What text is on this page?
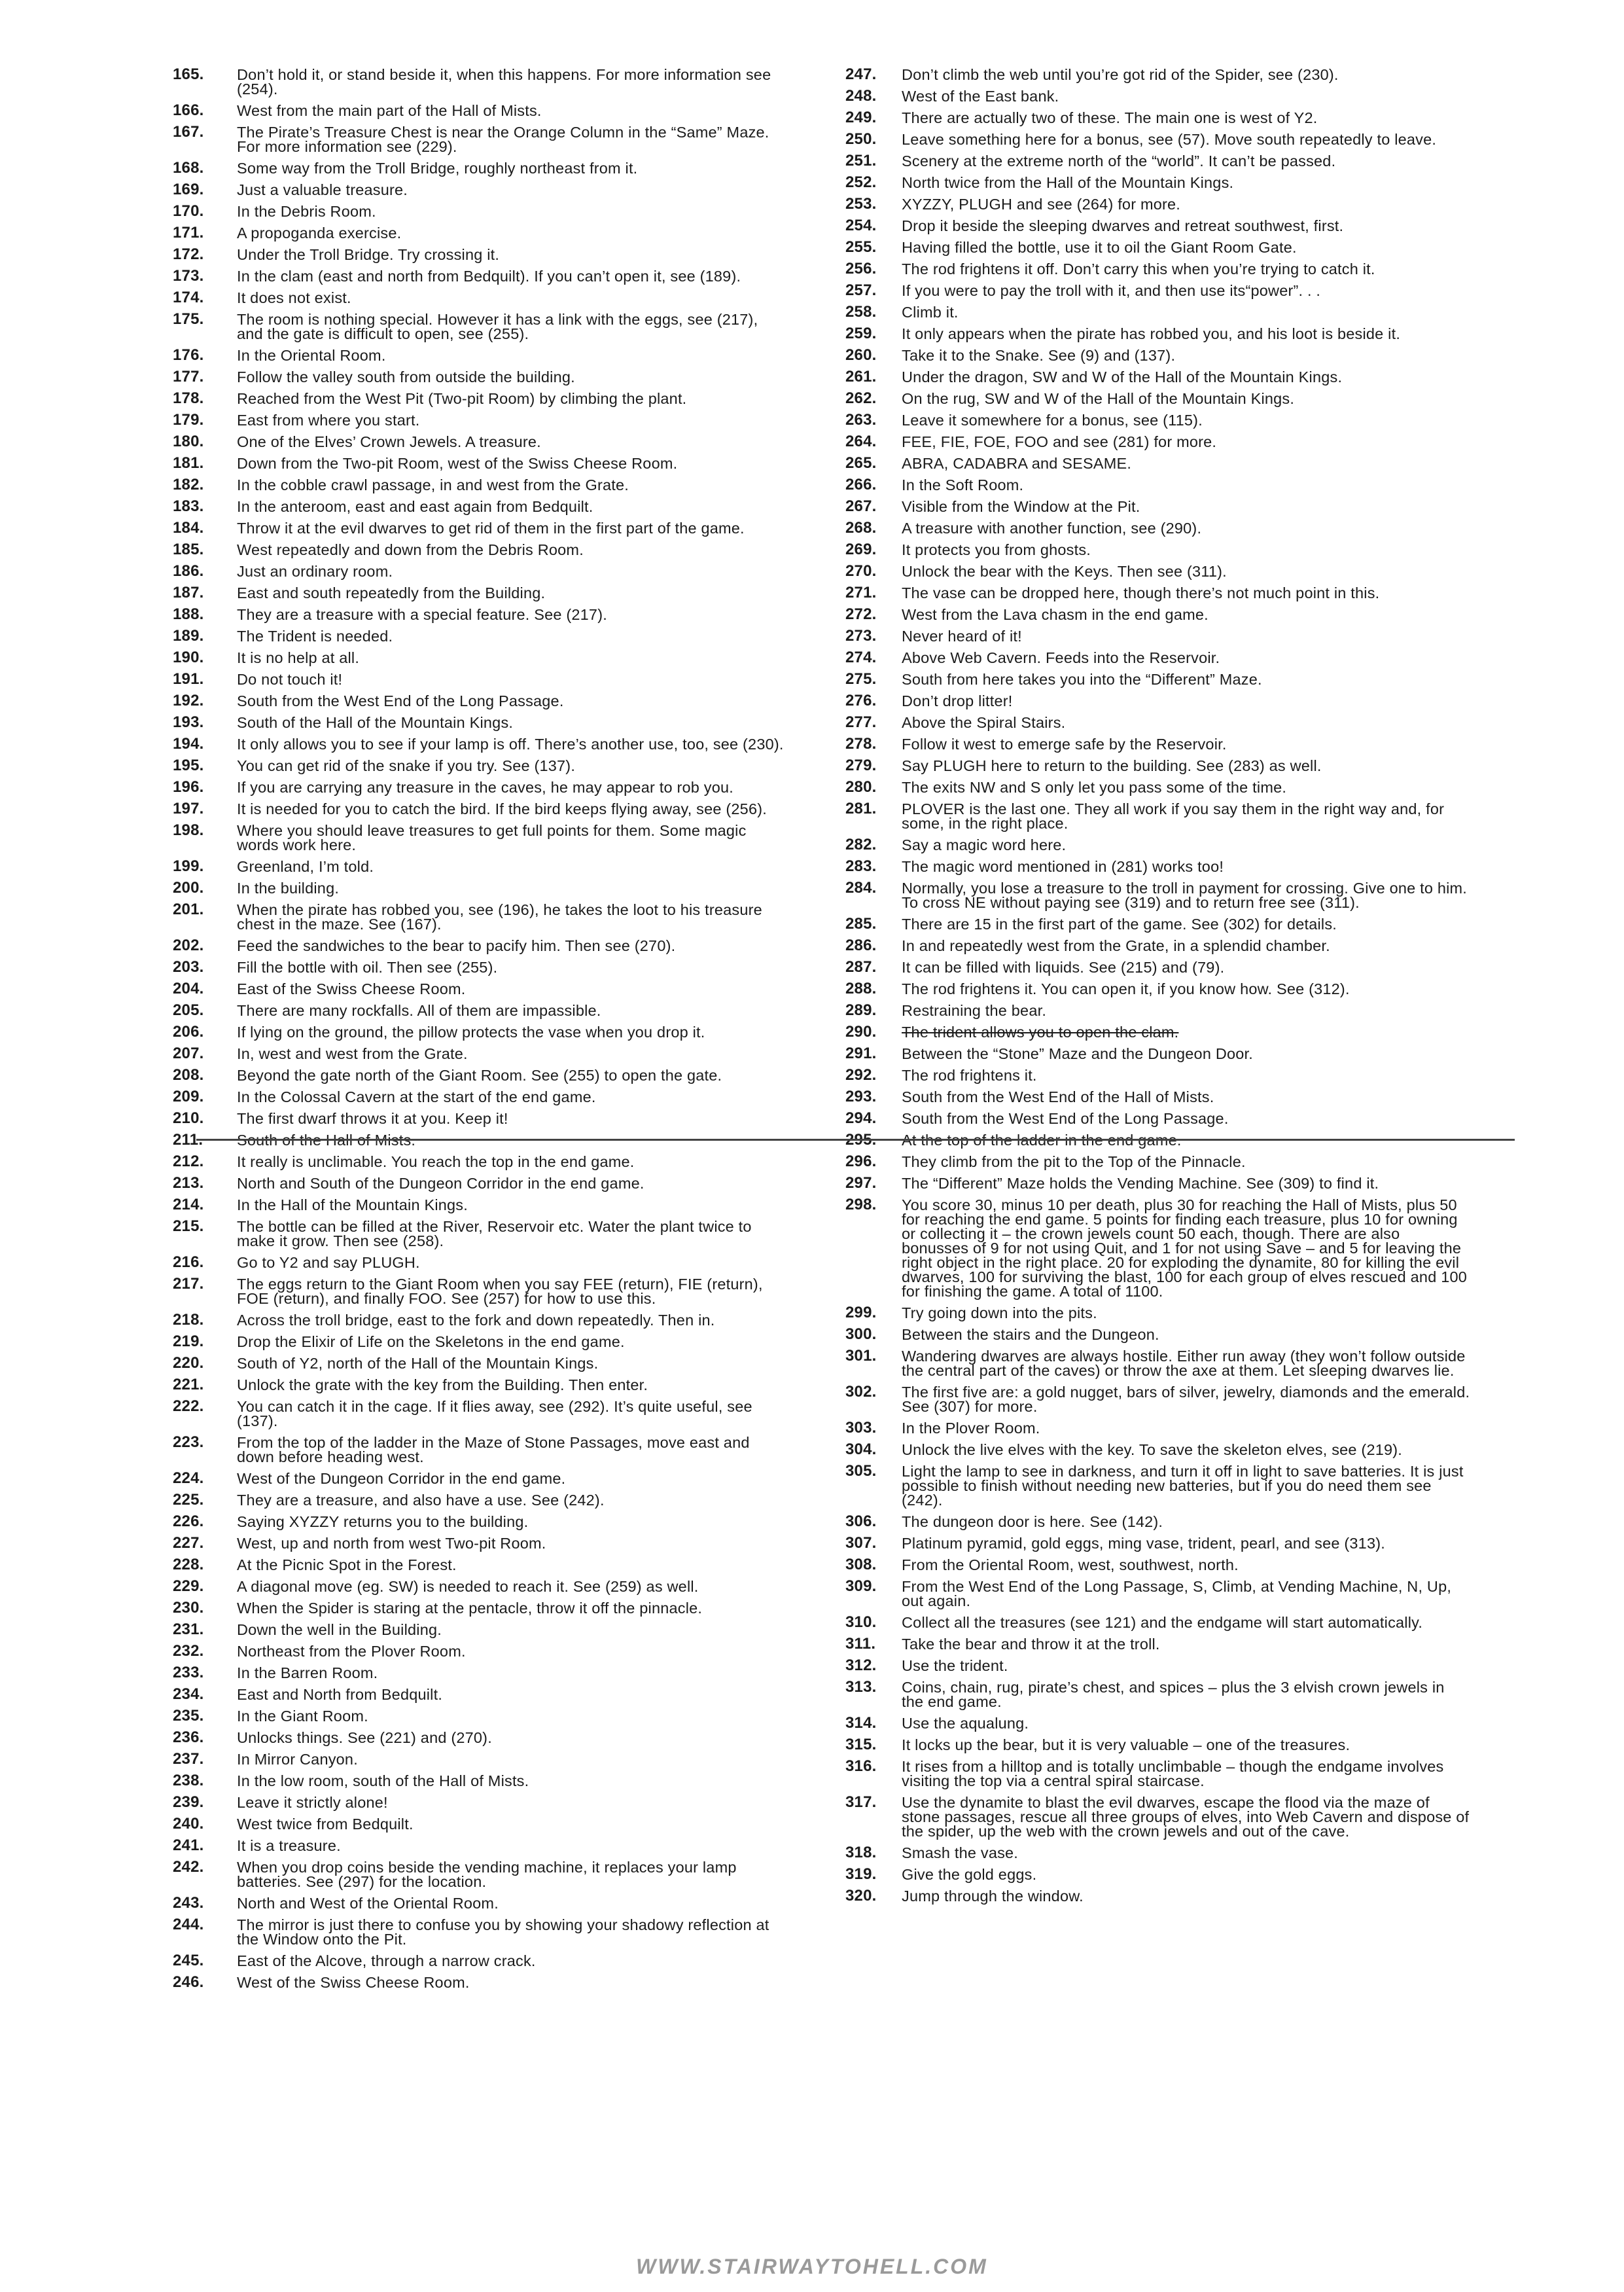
165.	Don’t hold it, or stand beside it, when this happens. For more information see (254).
166.	West from the main part of the Hall of Mists.
167.	The Pirate’s Treasure Chest is near the Orange Column in the “Same” Maze. For more information see (229).
168.	Some way from the Troll Bridge, roughly northeast from it.
169.	Just a valuable treasure.
170.	In the Debris Room.
171.	A propoganda exercise.
172.	Under the Troll Bridge. Try crossing it.
173.	In the clam (east and north from Bedquilt). If you can’t open it, see (189).
174.	It does not exist.
175.	The room is nothing special. However it has a link with the eggs, see (217), and the gate is difficult to open, see (255).
176.	In the Oriental Room.
177.	Follow the valley south from outside the building.
178.	Reached from the West Pit (Two-pit Room) by climbing the plant.
179.	East from where you start.
180.	One of the Elves’ Crown Jewels. A treasure.
181.	Down from the Two-pit Room, west of the Swiss Cheese Room.
182.	In the cobble crawl passage, in and west from the Grate.
183.	In the anteroom, east and east again from Bedquilt.
184.	Throw it at the evil dwarves to get rid of them in the first part of the game.
185.	West repeatedly and down from the Debris Room.
186.	Just an ordinary room.
187.	East and south repeatedly from the Building.
188.	They are a treasure with a special feature. See (217).
189.	The Trident is needed.
190.	It is no help at all.
191.	Do not touch it!
192.	South from the West End of the Long Passage.
193.	South of the Hall of the Mountain Kings.
194.	It only allows you to see if your lamp is off. There’s another use, too, see (230).
195.	You can get rid of the snake if you try. See (137).
196.	If you are carrying any treasure in the caves, he may appear to rob you.
197.	It is needed for you to catch the bird. If the bird keeps flying away, see (256).
198.	Where you should leave treasures to get full points for them. Some magic words work here.
199.	Greenland, I’m told.
200.	In the building.
201.	When the pirate has robbed you, see (196), he takes the loot to his treasure chest in the maze. See (167).
202.	Feed the sandwiches to the bear to pacify him. Then see (270).
203.	Fill the bottle with oil. Then see (255).
204.	East of the Swiss Cheese Room.
205.	There are many rockfalls. All of them are impassible.
206.	If lying on the ground, the pillow protects the vase when you drop it.
207.	In, west and west from the Grate.
208.	Beyond the gate north of the Giant Room. See (255) to open the gate.
209.	In the Colossal Cavern at the start of the end game.
210.	The first dwarf throws it at you. Keep it!
211.	South of the Hall of Mists.
212.	It really is unclimable. You reach the top in the end game.
213.	North and South of the Dungeon Corridor in the end game.
214.	In the Hall of the Mountain Kings.
215.	The bottle can be filled at the River, Reservoir etc. Water the plant twice to make it grow. Then see (258).
216.	Go to Y2 and say PLUGH.
217.	The eggs return to the Giant Room when you say FEE (return), FIE (return), FOE (return), and finally FOO. See (257) for how to use this.
218.	Across the troll bridge, east to the fork and down repeatedly. Then in.
219.	Drop the Elixir of Life on the Skeletons in the end game.
220.	South of Y2, north of the Hall of the Mountain Kings.
221.	Unlock the grate with the key from the Building. Then enter.
222.	You can catch it in the cage. If it flies away, see (292). It’s quite useful, see (137).
223.	From the top of the ladder in the Maze of Stone Passages, move east and down before heading west.
224.	West of the Dungeon Corridor in the end game.
225.	They are a treasure, and also have a use. See (242).
226.	Saying XYZZY returns you to the building.
227.	West, up and north from west Two-pit Room.
228.	At the Picnic Spot in the Forest.
229.	A diagonal move (eg. SW) is needed to reach it. See (259) as well.
230.	When the Spider is staring at the pentacle, throw it off the pinnacle.
231.	Down the well in the Building.
232.	Northeast from the Plover Room.
233.	In the Barren Room.
234.	East and North from Bedquilt.
235.	In the Giant Room.
236.	Unlocks things. See (221) and (270).
237.	In Mirror Canyon.
238.	In the low room, south of the Hall of Mists.
239.	Leave it strictly alone!
240.	West twice from Bedquilt.
241.	It is a treasure.
242.	When you drop coins beside the vending machine, it replaces your lamp batteries. See (297) for the location.
243.	North and West of the Oriental Room.
244.	The mirror is just there to confuse you by showing your shadowy reflection at the Window onto the Pit.
245.	East of the Alcove, through a narrow crack.
246.	West of the Swiss Cheese Room.
247.	Don’t climb the web until you’re got rid of the Spider, see (230).
248.	West of the East bank.
249.	There are actually two of these. The main one is west of Y2.
250.	Leave something here for a bonus, see (57). Move south repeatedly to leave.
251.	Scenery at the extreme north of the “world”. It can’t be passed.
252.	North twice from the Hall of the Mountain Kings.
253.	XYZZY, PLUGH and see (264) for more.
254.	Drop it beside the sleeping dwarves and retreat southwest, first.
255.	Having filled the bottle, use it to oil the Giant Room Gate.
256.	The rod frightens it off. Don’t carry this when you’re trying to catch it.
257.	If you were to pay the troll with it, and then use its“power”. . .
258.	Climb it.
259.	It only appears when the pirate has robbed you, and his loot is beside it.
260.	Take it to the Snake. See (9) and (137).
261.	Under the dragon, SW and W of the Hall of the Mountain Kings.
262.	On the rug, SW and W of the Hall of the Mountain Kings.
263.	Leave it somewhere for a bonus, see (115).
264.	FEE, FIE, FOE, FOO and see (281) for more.
265.	ABRA, CADABRA and SESAME.
266.	In the Soft Room.
267.	Visible from the Window at the Pit.
268.	A treasure with another function, see (290).
269.	It protects you from ghosts.
270.	Unlock the bear with the Keys. Then see (311).
271.	The vase can be dropped here, though there’s not much point in this.
272.	West from the Lava chasm in the end game.
273.	Never heard of it!
274.	Above Web Cavern. Feeds into the Reservoir.
275.	South from here takes you into the “Different” Maze.
276.	Don’t drop litter!
277.	Above the Spiral Stairs.
278.	Follow it west to emerge safe by the Reservoir.
279.	Say PLUGH here to return to the building. See (283) as well.
280.	The exits NW and S only let you pass some of the time.
281.	PLOVER is the last one. They all work if you say them in the right way and, for some, in the right place.
282.	Say a magic word here.
283.	The magic word mentioned in (281) works too!
284.	Normally, you lose a treasure to the troll in payment for crossing. Give one to him. To cross NE without paying see (319) and to return free see (311).
285.	There are 15 in the first part of the game. See (302) for details.
286.	In and repeatedly west from the Grate, in a splendid chamber.
287.	It can be filled with liquids. See (215) and (79).
288.	The rod frightens it. You can open it, if you know how. See (312).
289.	Restraining the bear.
290.	The trident allows you to open the clam.
291.	Between the “Stone” Maze and the Dungeon Door.
292.	The rod frightens it.
293.	South from the West End of the Hall of Mists.
294.	South from the West End of the Long Passage.
295.	At the top of the ladder in the end game.
296.	They climb from the pit to the Top of the Pinnacle.
297.	The “Different” Maze holds the Vending Machine. See (309) to find it.
298.	You score 30, minus 10 per death, plus 30 for reaching the Hall of Mists, plus 50 for reaching the end game. 5 points for finding each treasure, plus 10 for owning or collecting it – the crown jewels count 50 each, though. There are also bonusses of 9 for not using Quit, and 1 for not using Save – and 5 for leaving the right object in the right place. 20 for exploding the dynamite, 80 for killing the evil dwarves, 100 for surviving the blast, 100 for each group of elves rescued and 100 for finishing the game. A total of 1100.
299.	Try going down into the pits.
300.	Between the stairs and the Dungeon.
301.	Wandering dwarves are always hostile. Either run away (they won’t follow outside the central part of the caves) or throw the axe at them. Let sleeping dwarves lie.
302.	The first five are: a gold nugget, bars of silver, jewelry, diamonds and the emerald. See (307) for more.
303.	In the Plover Room.
304.	Unlock the live elves with the key. To save the skeleton elves, see (219).
305.	Light the lamp to see in darkness, and turn it off in light to save batteries. It is just possible to finish without needing new batteries, but if you do need them see (242).
306.	The dungeon door is here. See (142).
307.	Platinum pyramid, gold eggs, ming vase, trident, pearl, and see (313).
308.	From the Oriental Room, west, southwest, north.
309.	From the West End of the Long Passage, S, Climb, at Vending Machine, N, Up, out again.
310.	Collect all the treasures (see 121) and the endgame will start automatically.
311.	Take the bear and throw it at the troll.
312.	Use the trident.
313.	Coins, chain, rug, pirate’s chest, and spices – plus the 3 elvish crown jewels in the end game.
314.	Use the aqualung.
315.	It locks up the bear, but it is very valuable – one of the treasures.
316.	It rises from a hilltop and is totally unclimbable – though the endgame involves visiting the top via a central spiral staircase.
317.	Use the dynamite to blast the evil dwarves, escape the flood via the maze of stone passages, rescue all three groups of elves, into Web Cavern and dispose of the spider, up the web with the crown jewels and out of the cave.
318.	Smash the vase.
319.	Give the gold eggs.
320.	Jump through the window.
WWW.STAIRWAYTOHELL.COM
